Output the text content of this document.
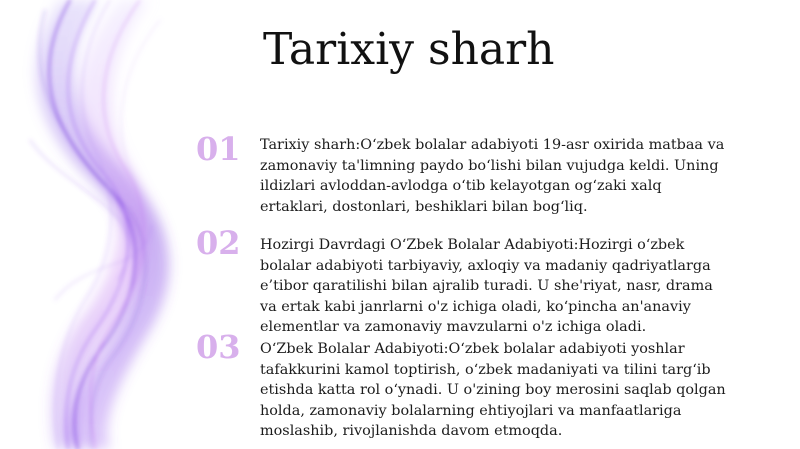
Tarixiy sharh
01	Tarixiy sharh:O‘zbek bolalar adabiyoti 19-asr oxirida matbaa va zamonaviy ta'limning paydo bo‘lishi bilan vujudga keldi. Uning ildizlari avloddan-avlodga o‘tib kelayotgan og‘zaki xalq ertaklari, dostonlari, beshiklari bilan bog‘liq.

02	Hozirgi Davrdagi O‘Zbek Bolalar Adabiyoti:Hozirgi o‘zbek bolalar adabiyoti tarbiyaviy, axloqiy va madaniy qadriyatlarga e’tibor qaratilishi bilan ajralib turadi. U she'riyat, nasr, drama va ertak kabi janrlarni o'z ichiga oladi, ko‘pincha an'anaviy elementlar va zamonaviy mavzularni o'z ichiga oladi.

03	O‘Zbek Bolalar Adabiyoti:O‘zbek bolalar adabiyoti yoshlar tafakkurini kamol toptirish, o‘zbek madaniyati va tilini targ‘ib etishda katta rol o‘ynadi. U o'zining boy merosini saqlab qolgan holda, zamonaviy bolalarning ehtiyojlari va manfaatlariga moslashib, rivojlanishda davom etmoqda.
